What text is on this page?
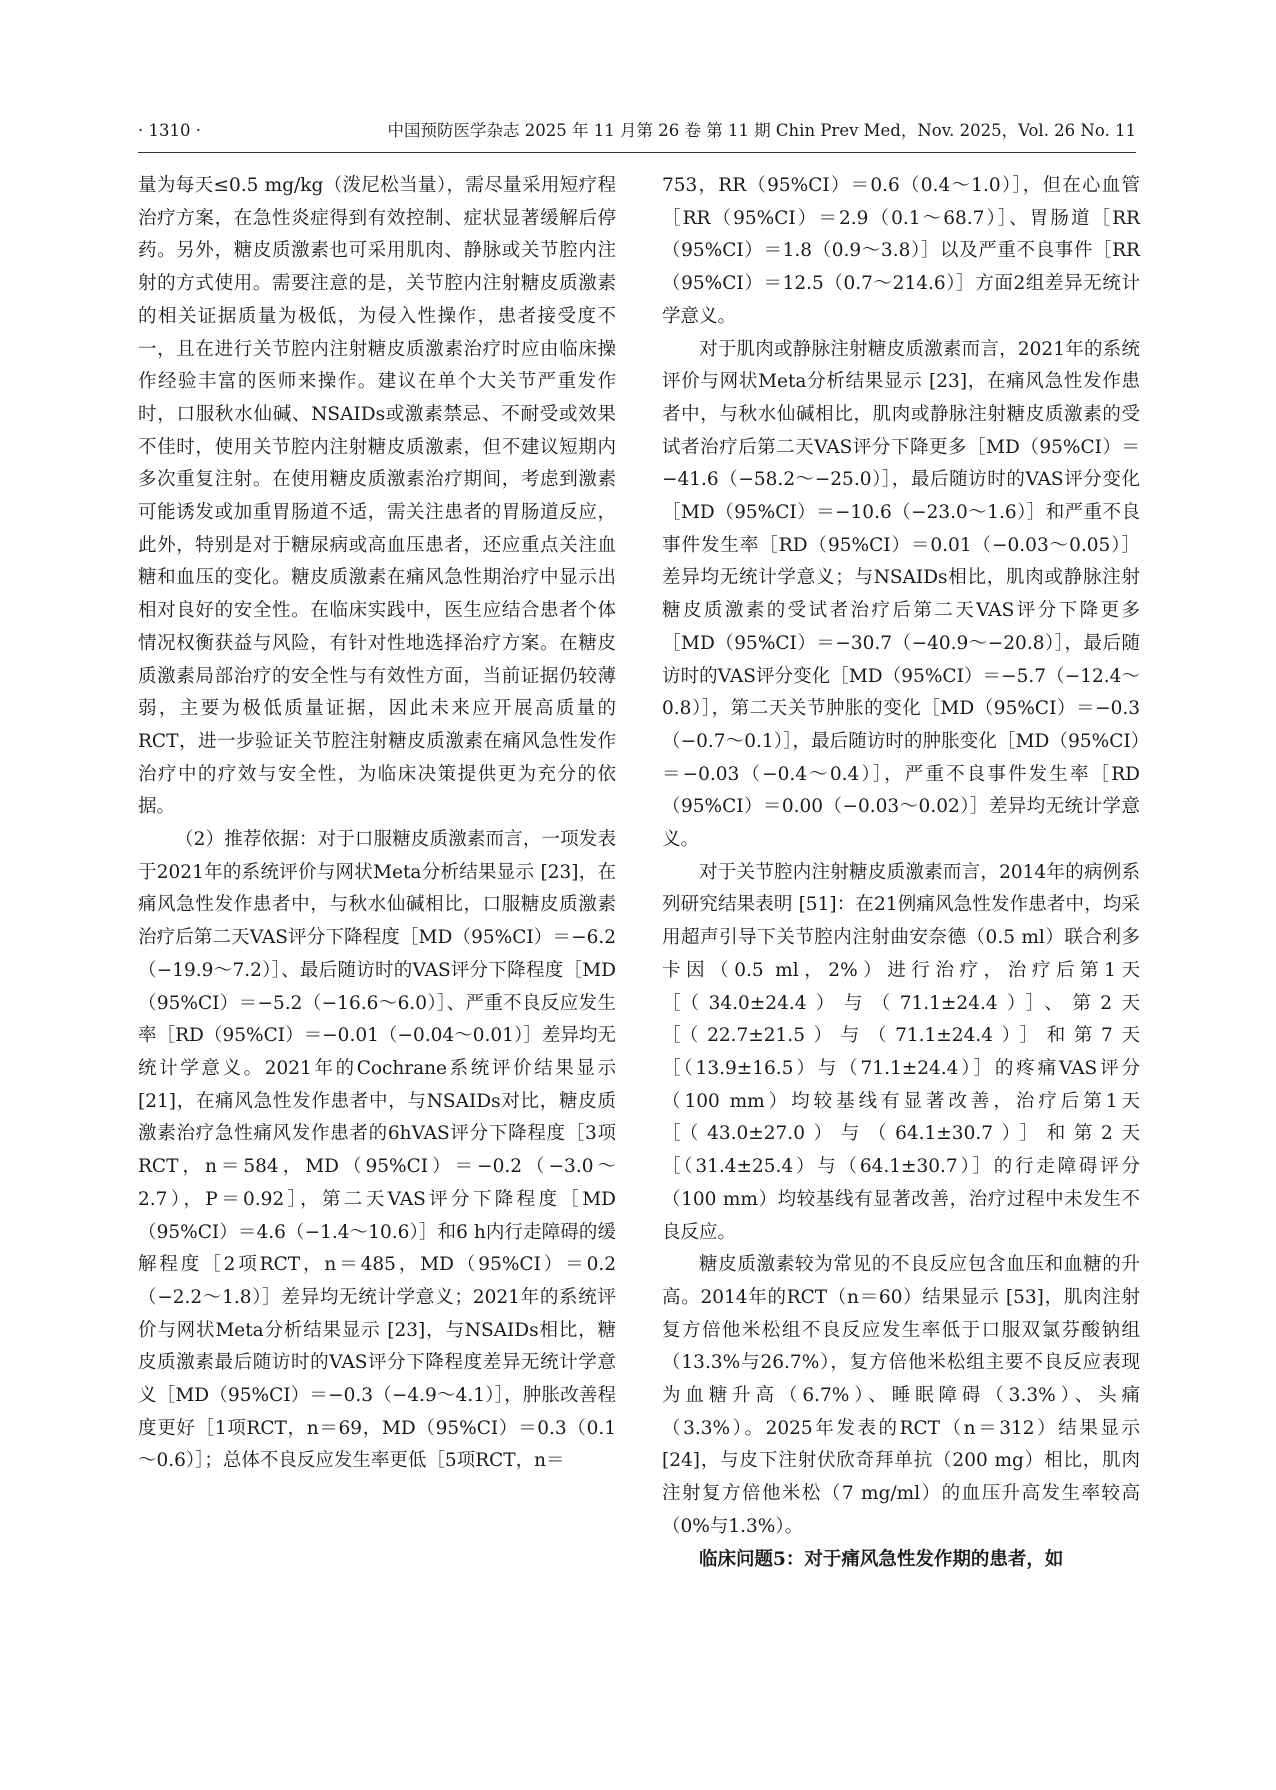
· 1310 ·	中国预防医学杂志 2025 年 11 月第 26 卷 第 11 期 Chin Prev Med，Nov. 2025，Vol. 26 No. 11

量为每天≤0.5 mg/kg（泼尼松当量），需尽量采用短疗程治疗方案，在急性炎症得到有效控制、症状显著缓解后停药。另外，糖皮质激素也可采用肌肉、静脉或关节腔内注射的方式使用。需要注意的是，关节腔内注射糖皮质激素的相关证据质量为极低，为侵入性操作，患者接受度不一，且在进行关节腔内注射糖皮质激素治疗时应由临床操作经验丰富的医师来操作。建议在单个大关节严重发作时，口服秋水仙碱、NSAIDs或激素禁忌、不耐受或效果不佳时，使用关节腔内注射糖皮质激素，但不建议短期内多次重复注射。在使用糖皮质激素治疗期间，考虑到激素可能诱发或加重胃肠道不适，需关注患者的胃肠道反应，此外，特别是对于糖尿病或高血压患者，还应重点关注血糖和血压的变化。糖皮质激素在痛风急性期治疗中显示出相对良好的安全性。在临床实践中，医生应结合患者个体情况权衡获益与风险，有针对性地选择治疗方案。在糖皮质激素局部治疗的安全性与有效性方面，当前证据仍较薄弱，主要为极低质量证据，因此未来应开展高质量的RCT，进一步验证关节腔注射糖皮质激素在痛风急性发作治疗中的疗效与安全性，为临床决策提供更为充分的依据。

（2）推荐依据：对于口服糖皮质激素而言，一项发表于2021年的系统评价与网状Meta分析结果显示 [23]，在痛风急性发作患者中，与秋水仙碱相比，口服糖皮质激素治疗后第二天VAS评分下降程度［MD（95%CI）＝−6.2（−19.9～7.2）］、最后随访时的VAS评分下降程度［MD（95%CI）＝−5.2（−16.6～6.0）］、严重不良反应发生率［RD（95%CI）＝−0.01（−0.04～0.01）］差异均无统计学意义。2021年的Cochrane系统评价结果显示 [21]，在痛风急性发作患者中，与NSAIDs对比，糖皮质激素治疗急性痛风发作患者的6hVAS评分下降程度［3项RCT，n＝584，MD（95%CI）＝−0.2（−3.0～2.7），P＝0.92］，第二天VAS评分下降程度［MD（95%CI）＝4.6（−1.4～10.6）］和6 h内行走障碍的缓解程度［2项RCT，n＝485，MD（95%CI）＝0.2（−2.2～1.8）］差异均无统计学意义；2021年的系统评价与网状Meta分析结果显示 [23]，与NSAIDs相比，糖皮质激素最后随访时的VAS评分下降程度差异无统计学意义［MD（95%CI）＝−0.3（−4.9～4.1）］，肿胀改善程度更好［1项RCT，n＝69，MD（95%CI）＝0.3（0.1～0.6）］；总体不良反应发生率更低［5项RCT，n＝

753，RR（95%CI）＝0.6（0.4～1.0）］，但在心血管［RR（95%CI）＝2.9（0.1～68.7）］、胃肠道［RR（95%CI）＝1.8（0.9～3.8）］以及严重不良事件［RR（95%CI）＝12.5（0.7～214.6）］方面2组差异无统计学意义。

对于肌肉或静脉注射糖皮质激素而言，2021年的系统评价与网状Meta分析结果显示 [23]，在痛风急性发作患者中，与秋水仙碱相比，肌肉或静脉注射糖皮质激素的受试者治疗后第二天VAS评分下降更多［MD（95%CI）＝−41.6（−58.2～−25.0）］，最后随访时的VAS评分变化［MD（95%CI）＝−10.6（−23.0～1.6）］和严重不良事件发生率［RD（95%CI）＝0.01（−0.03～0.05）］差异均无统计学意义；与NSAIDs相比，肌肉或静脉注射糖皮质激素的受试者治疗后第二天VAS评分下降更多［MD（95%CI）＝−30.7（−40.9～−20.8）］，最后随访时的VAS评分变化［MD（95%CI）＝−5.7（−12.4～0.8）］，第二天关节肿胀的变化［MD（95%CI）＝−0.3（−0.7～0.1）］，最后随访时的肿胀变化［MD（95%CI）＝−0.03（−0.4～0.4）］，严重不良事件发生率［RD（95%CI）＝0.00（−0.03～0.02）］差异均无统计学意义。

对于关节腔内注射糖皮质激素而言，2014年的病例系列研究结果表明 [51]：在21例痛风急性发作患者中，均采用超声引导下关节腔内注射曲安奈德（0.5 ml）联合利多卡因（0.5 ml，2%）进行治疗，治疗后第1天［（34.0±24.4）与（71.1±24.4）］、第2天［（22.7±21.5）与（71.1±24.4）］和第7天［（13.9±16.5）与（71.1±24.4）］的疼痛VAS评分（100 mm）均较基线有显著改善，治疗后第1天［（43.0±27.0）与（64.1±30.7）］和第2天［（31.4±25.4）与（64.1±30.7）］的行走障碍评分（100 mm）均较基线有显著改善，治疗过程中未发生不良反应。

糖皮质激素较为常见的不良反应包含血压和血糖的升高。2014年的RCT（n＝60）结果显示 [53]，肌肉注射复方倍他米松组不良反应发生率低于口服双氯芬酸钠组（13.3%与26.7%），复方倍他米松组主要不良反应表现为血糖升高（6.7%）、睡眠障碍（3.3%）、头痛（3.3%）。2025年发表的RCT（n＝312）结果显示 [24]，与皮下注射伏欣奇拜单抗（200 mg）相比，肌肉注射复方倍他米松（7 mg/ml）的血压升高发生率较高（0%与1.3%）。

临床问题5：对于痛风急性发作期的患者，如
